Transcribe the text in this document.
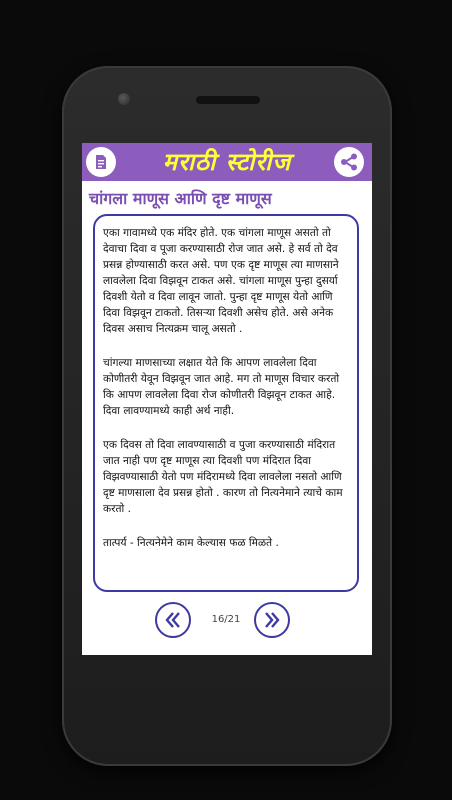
मराठी स्टोरीज
चांगला माणूस आणि दृष्ट माणूस

एका गावामध्ये एक मंदिर होते. एक चांगला माणूस असतो तो देवाचा दिवा व पूजा करण्यासाठी रोज जात असे. हे सर्व तो देव प्रसन्न होण्यासाठी करत असे. पण एक दृष्ट माणूस त्या माणसाने लावलेला दिवा विझवून टाकत असे. चांगला माणूस पुन्हा दुसर्या दिवशी येतो व दिवा लावून जातो. पुन्हा दृष्ट माणूस येतो आणि दिवा विझवून टाकतो. तिसऱ्या दिवशी असेच होते. असे अनेक दिवस असाच नित्यक्रम चालू असतो .

चांगल्या माणसाच्या लक्षात येते कि आपण लावलेला दिवा कोणीतरी येवून विझवून जात आहे. मग तो माणूस विचार करतो कि आपण लावलेला दिवा रोज कोणीतरी विझवून टाकत आहे. दिवा लावण्यामध्ये काही अर्थ नाही.

एक दिवस तो दिवा लावण्यासाठी व पुजा करण्यासाठी मंदिरात जात नाही पण दृष्ट माणूस त्या दिवशी पण मंदिरात दिवा विझवण्यासाठी येतो पण मंदिरामध्ये दिवा लावलेला नसतो आणि दृष्ट माणसाला देव प्रसन्न होतो . कारण तो नित्यनेमाने त्याचे काम करतो .

तात्पर्य - नित्यनेमेने काम केल्यास फळ मिळते .

16/21
